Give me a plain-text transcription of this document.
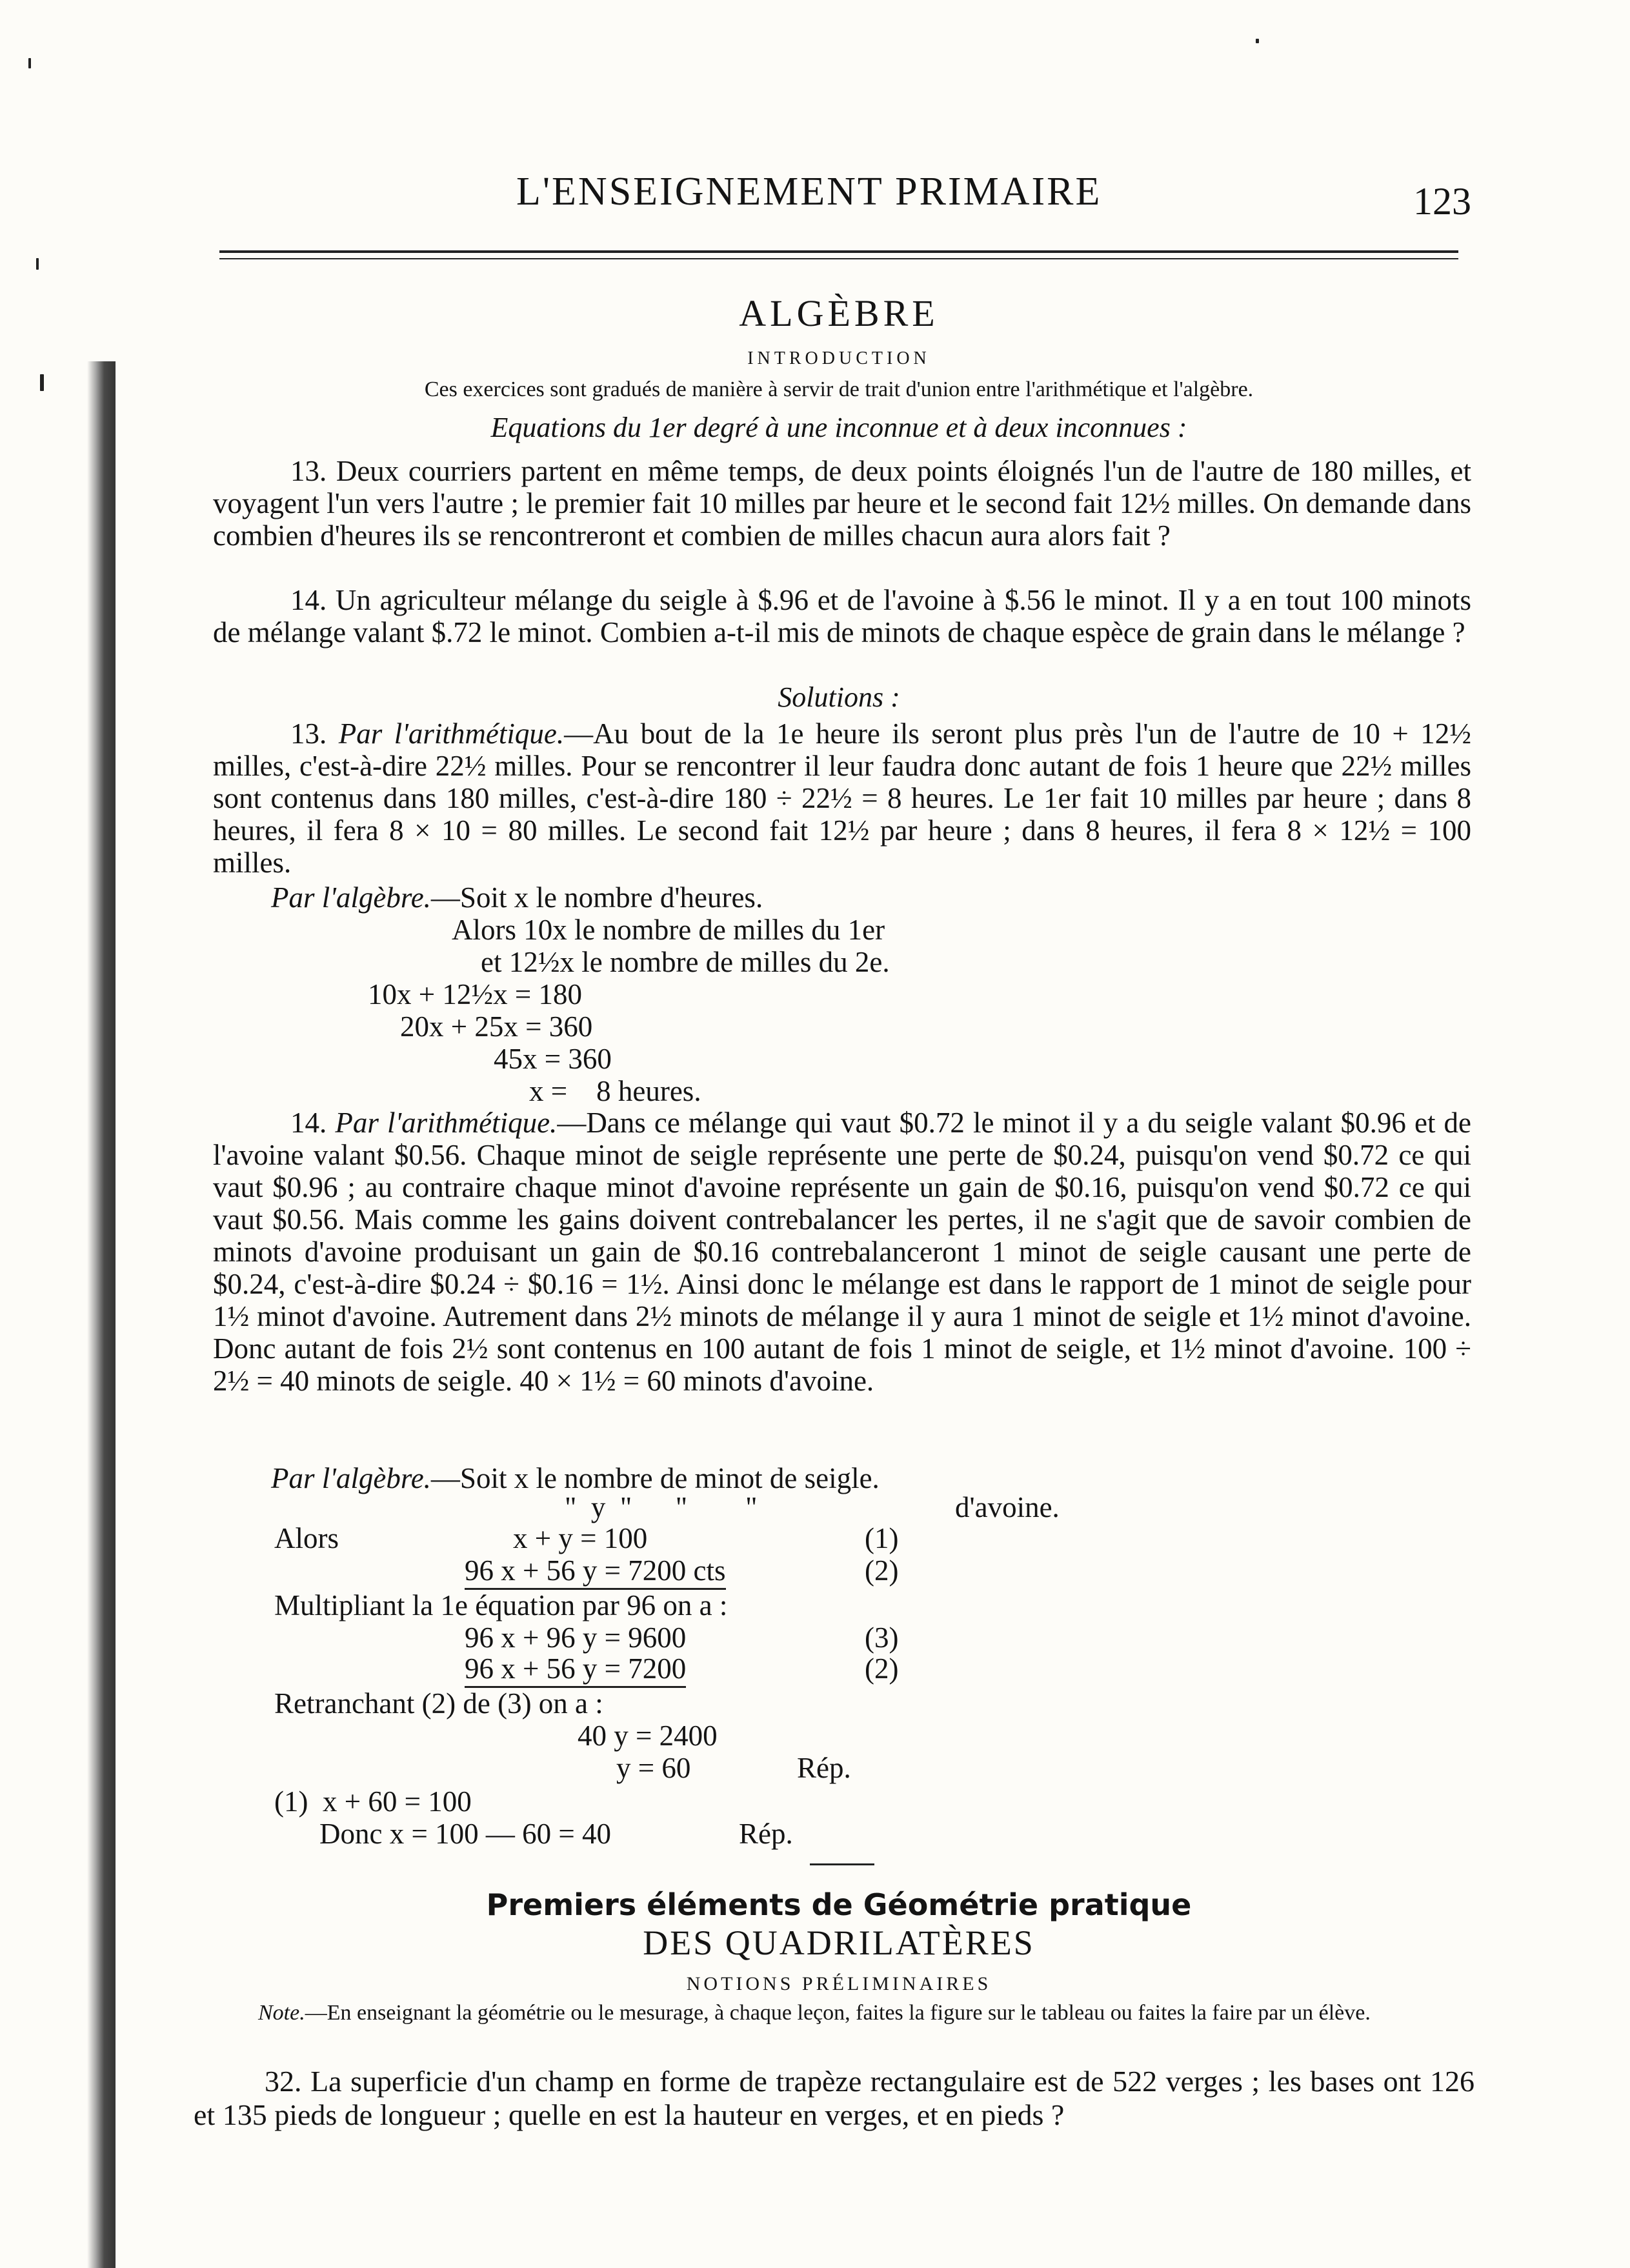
L'ENSEIGNEMENT PRIMAIRE	123
ALGÈBRE
INTRODUCTION
Ces exercices sont gradués de manière à servir de trait d'union entre l'arithmétique et l'algèbre.
Equations du 1er degré à une inconnue et à deux inconnues :

13. Deux courriers partent en même temps, de deux points éloignés l'un de l'autre de 180 milles, et voyagent l'un vers l'autre ; le premier fait 10 milles par heure et le second fait 12½ milles. On demande dans combien d'heures ils se rencontreront et combien de milles chacun aura alors fait ?

14. Un agriculteur mélange du seigle à $.96 et de l'avoine à $.56 le minot. Il y a en tout 100 minots de mélange valant $.72 le minot. Combien a-t-il mis de minots de chaque espèce de grain dans le mélange ?

Solutions :

13. Par l'arithmétique.—Au bout de la 1e heure ils seront plus près l'un de l'autre de 10 + 12½ milles, c'est-à-dire 22½ milles. Pour se rencontrer il leur faudra donc autant de fois 1 heure que 22½ milles sont contenus dans 180 milles, c'est-à-dire 180 ÷ 22½ = 8 heures. Le 1er fait 10 milles par heure ; dans 8 heures, il fera 8 × 10 = 80 milles. Le second fait 12½ par heure ; dans 8 heures, il fera 8 × 12½ = 100 milles.

Par l'algèbre.—Soit x le nombre d'heures.
Alors 10x le nombre de milles du 1er
et 12½x le nombre de milles du 2e.
10x + 12½x = 180
20x + 25x = 360
45x = 360
x =    8 heures.

14. Par l'arithmétique.—Dans ce mélange qui vaut $0.72 le minot il y a du seigle valant $0.96 et de l'avoine valant $0.56. Chaque minot de seigle représente une perte de $0.24, puisqu'on vend $0.72 ce qui vaut $0.96 ; au contraire chaque minot d'avoine représente un gain de $0.16, puisqu'on vend $0.72 ce qui vaut $0.56. Mais comme les gains doivent contrebalancer les pertes, il ne s'agit que de savoir combien de minots d'avoine produisant un gain de $0.16 contrebalanceront 1 minot de seigle causant une perte de $0.24, c'est-à-dire $0.24 ÷ $0.16 = 1½. Ainsi donc le mélange est dans le rapport de 1 minot de seigle pour 1½ minot d'avoine. Autrement dans 2½ minots de mélange il y aura 1 minot de seigle et 1½ minot d'avoine. Donc autant de fois 2½ sont contenus en 100 autant de fois 1 minot de seigle, et 1½ minot d'avoine. 100 ÷ 2½ = 40 minots de seigle. 40 × 1½ = 60 minots d'avoine.

Par l'algèbre.—Soit x le nombre de minot de seigle.
"  y  "      "        "	d'avoine.
Alors	x + y = 100	(1)
96 x + 56 y = 7200 cts	(2)
Multipliant la 1e équation par 96 on a :
96 x + 96 y = 9600	(3)
96 x + 56 y = 7200	(2)
Retranchant (2) de (3) on a :
40 y = 2400
y = 60	Rép.
(1)  x + 60 = 100
Donc x = 100 — 60 = 40	Rép.
Premiers éléments de Géométrie pratique
DES QUADRILATÈRES
NOTIONS PRÉLIMINAIRES

Note.—En enseignant la géométrie ou le mesurage, à chaque leçon, faites la figure sur le tableau ou faites la faire par un élève.

32. La superficie d'un champ en forme de trapèze rectangulaire est de 522 verges ; les bases ont 126 et 135 pieds de longueur ; quelle en est la hauteur en verges, et en pieds ?
